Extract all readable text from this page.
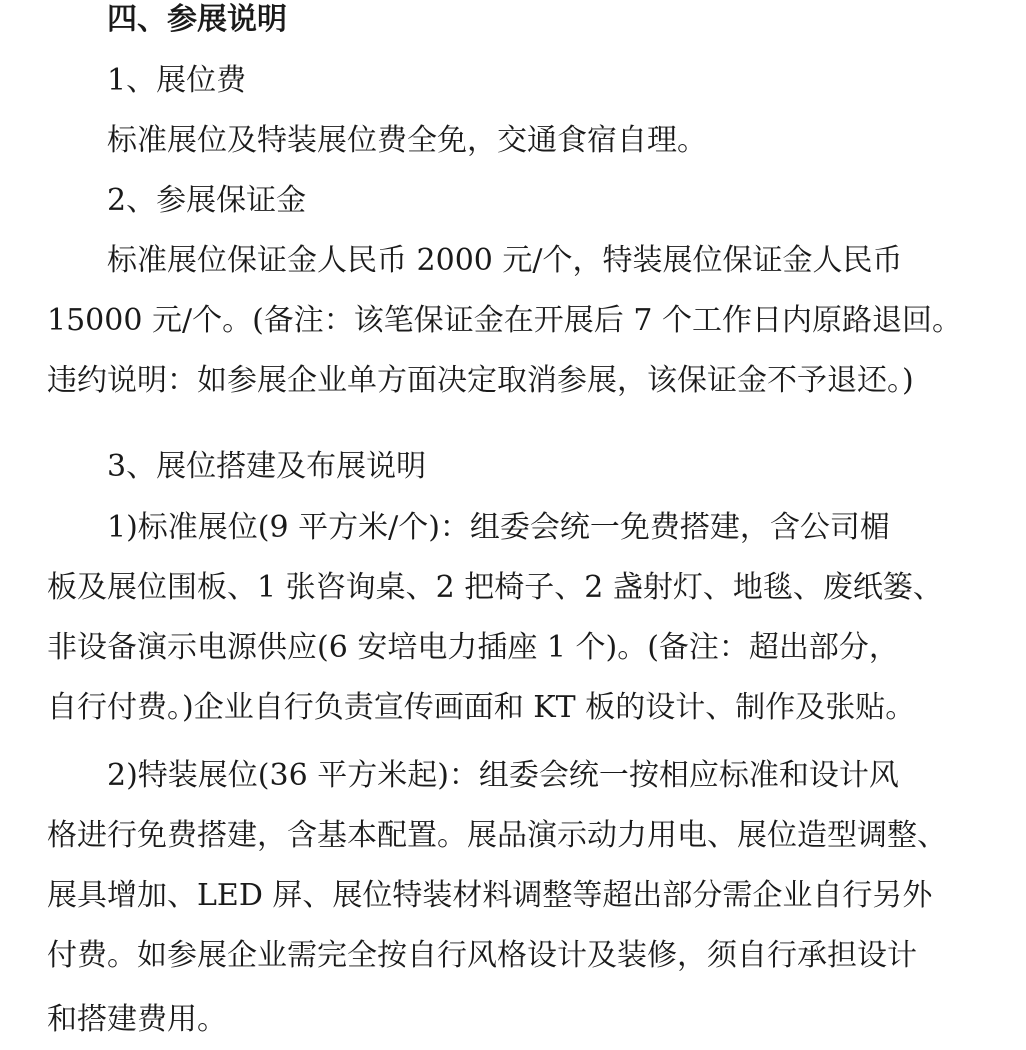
四、参展说明
1、展位费
标准展位及特装展位费全免，交通食宿自理。
2、参展保证金
标准展位保证金人民币 2000 元/个，特装展位保证金人民币
15000 元/个。(备注：该笔保证金在开展后 7 个工作日内原路退回。
违约说明：如参展企业单方面决定取消参展，该保证金不予退还。)
3、展位搭建及布展说明
1)标准展位(9 平方米/个)：组委会统一免费搭建，含公司楣
板及展位围板、1 张咨询桌、2 把椅子、2 盏射灯、地毯、废纸篓、
非设备演示电源供应(6 安培电力插座 1 个)。(备注：超出部分，
自行付费。)企业自行负责宣传画面和 KT 板的设计、制作及张贴。
2)特装展位(36 平方米起)：组委会统一按相应标准和设计风
格进行免费搭建，含基本配置。展品演示动力用电、展位造型调整、
展具增加、LED 屏、展位特装材料调整等超出部分需企业自行另外
付费。如参展企业需完全按自行风格设计及装修，须自行承担设计
和搭建费用。
